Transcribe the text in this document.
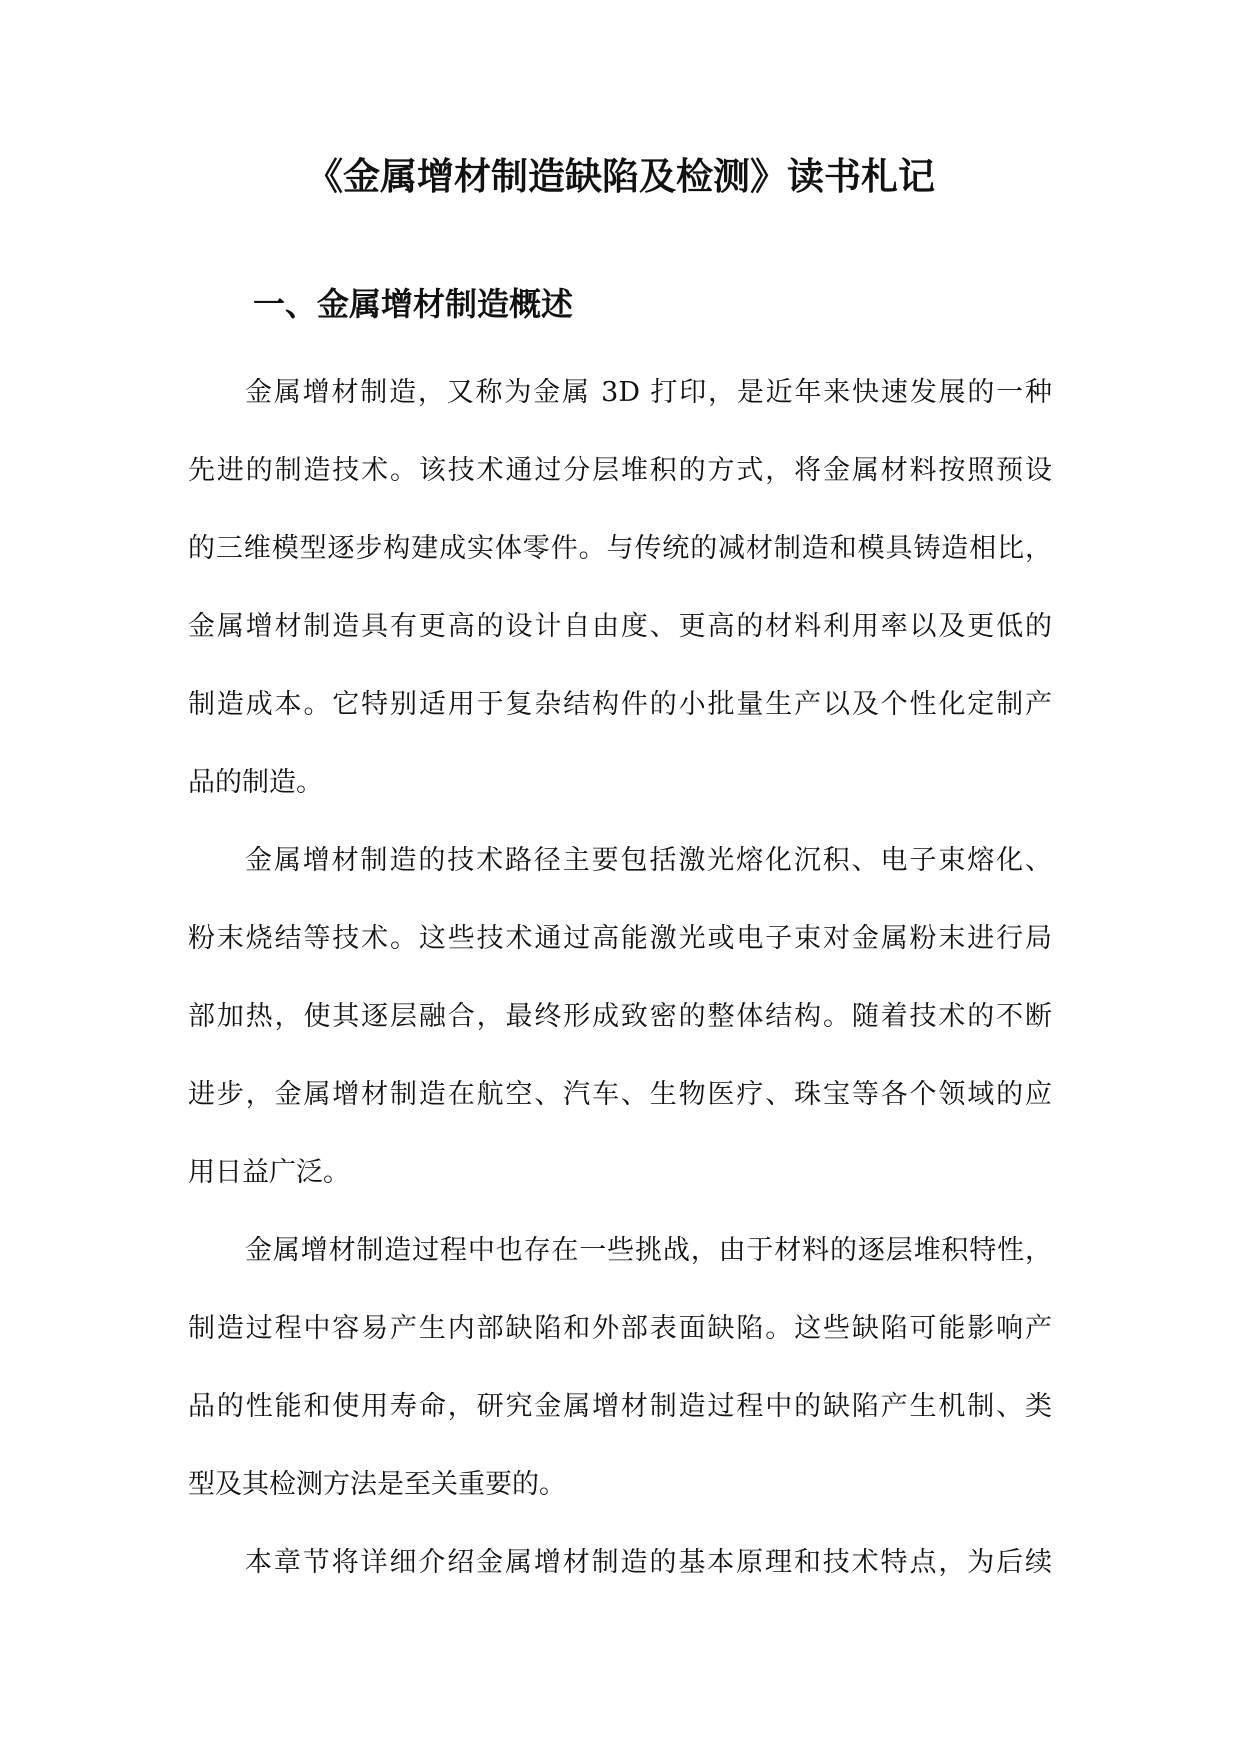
《金属增材制造缺陷及检测》读书札记
一、金属增材制造概述

金属增材制造，又称为金属 3D 打印，是近年来快速发展的一种
先进的制造技术。该技术通过分层堆积的方式，将金属材料按照预设
的三维模型逐步构建成实体零件。与传统的减材制造和模具铸造相比，
金属增材制造具有更高的设计自由度、更高的材料利用率以及更低的
制造成本。它特别适用于复杂结构件的小批量生产以及个性化定制产
品的制造。

金属增材制造的技术路径主要包括激光熔化沉积、电子束熔化、
粉末烧结等技术。这些技术通过高能激光或电子束对金属粉末进行局
部加热，使其逐层融合，最终形成致密的整体结构。随着技术的不断
进步，金属增材制造在航空、汽车、生物医疗、珠宝等各个领域的应
用日益广泛。

金属增材制造过程中也存在一些挑战，由于材料的逐层堆积特性，
制造过程中容易产生内部缺陷和外部表面缺陷。这些缺陷可能影响产
品的性能和使用寿命，研究金属增材制造过程中的缺陷产生机制、类
型及其检测方法是至关重要的。

本章节将详细介绍金属增材制造的基本原理和技术特点，为后续
